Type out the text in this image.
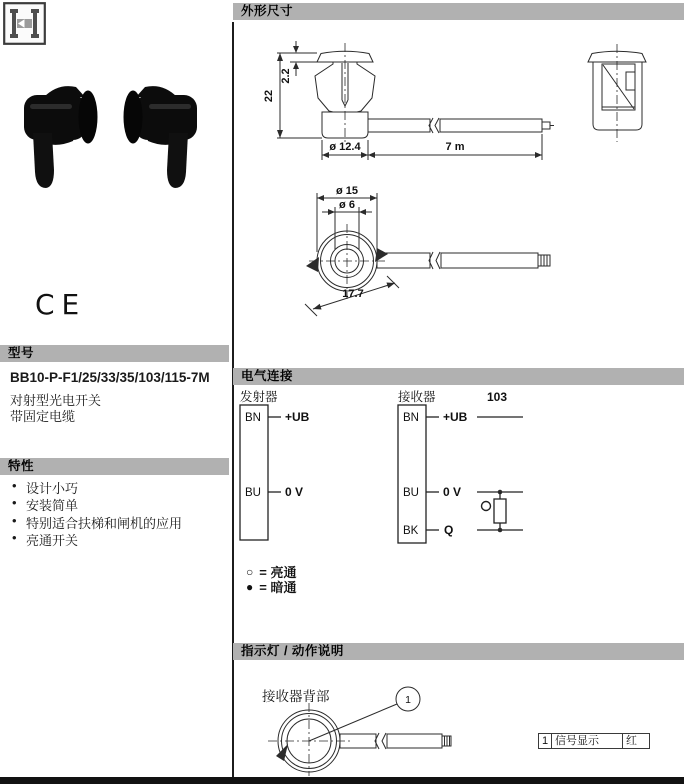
CE
型号
BB10-P-F1/25/33/35/103/115-7M
对射型光电开关
带固定电缆
特性
• 设计小巧
• 安装简单
• 特别适合扶梯和闸机的应用
• 亮通开关
外形尺寸
22
2.2
ø 12.4	7 m
ø 15
ø 6
17.7
电气连接
发射器
BN +UB
BU 0 V
接收器	103
BN +UB
BU 0 V
BK Q
○ = 亮通
● = 暗通
指示灯 / 动作说明
接收器背部	1
1 信号显示	红
